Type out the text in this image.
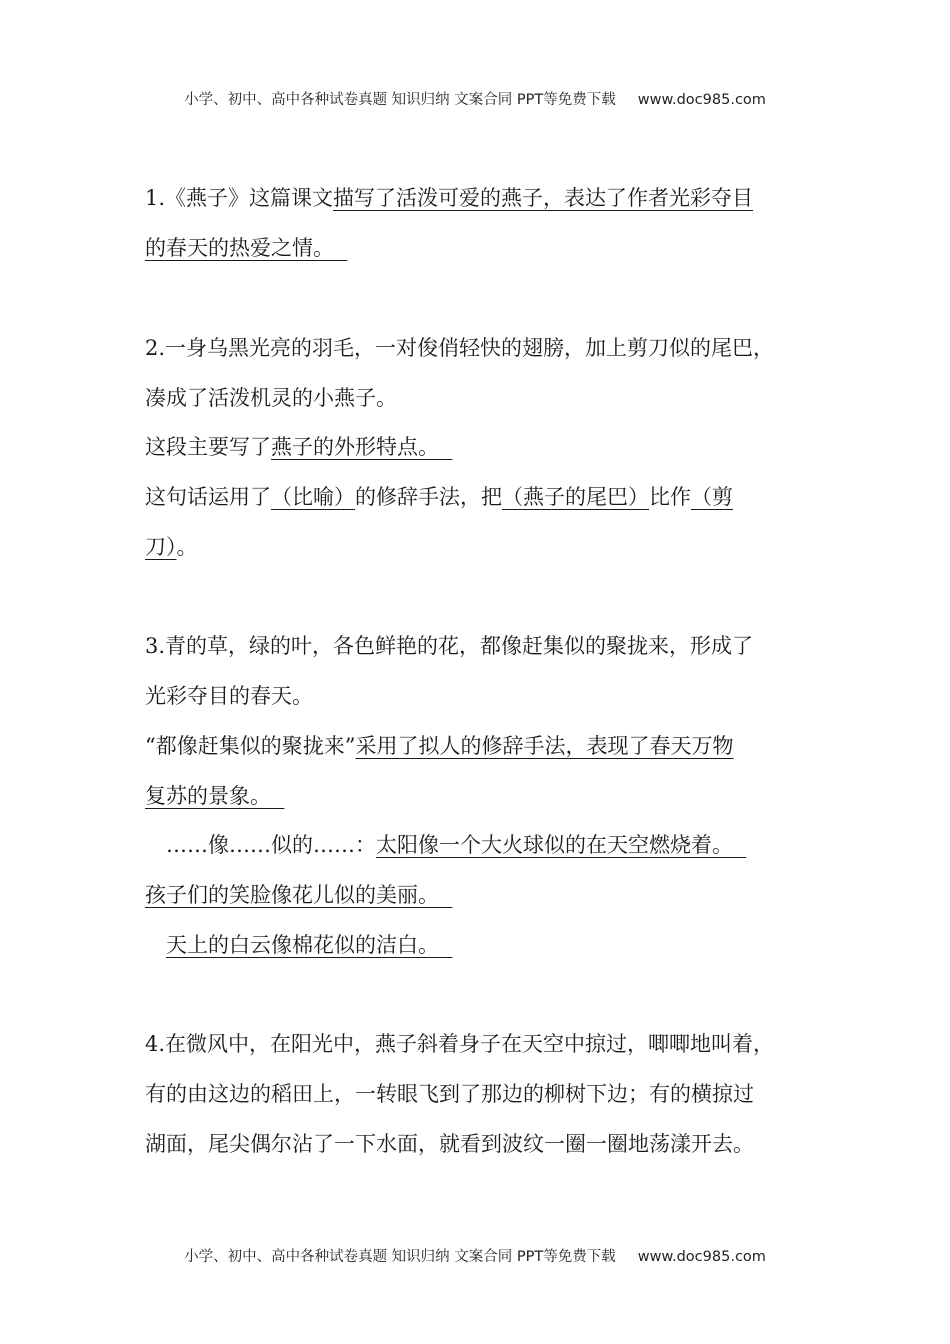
小学、初中、高中各种试卷真题 知识归纳 文案合同 PPT等免费下载 www.doc985.com
1.《燕子》这篇课文描写了活泼可爱的燕子，表达了作者光彩夺目
的春天的热爱之情。
2.一身乌黑光亮的羽毛，一对俊俏轻快的翅膀，加上剪刀似的尾巴，
凑成了活泼机灵的小燕子。
这段主要写了燕子的外形特点。
这句话运用了（比喻）的修辞手法，把（燕子的尾巴）比作（剪
刀）。
3.青的草，绿的叶，各色鲜艳的花，都像赶集似的聚拢来，形成了
光彩夺目的春天。
“都像赶集似的聚拢来”采用了拟人的修辞手法，表现了春天万物
复苏的景象。
……像……似的……：太阳像一个大火球似的在天空燃烧着。
孩子们的笑脸像花儿似的美丽。
天上的白云像棉花似的洁白。
4.在微风中，在阳光中，燕子斜着身子在天空中掠过，唧唧地叫着，
有的由这边的稻田上，一转眼飞到了那边的柳树下边；有的横掠过
湖面，尾尖偶尔沾了一下水面，就看到波纹一圈一圈地荡漾开去。
小学、初中、高中各种试卷真题 知识归纳 文案合同 PPT等免费下载 www.doc985.com
